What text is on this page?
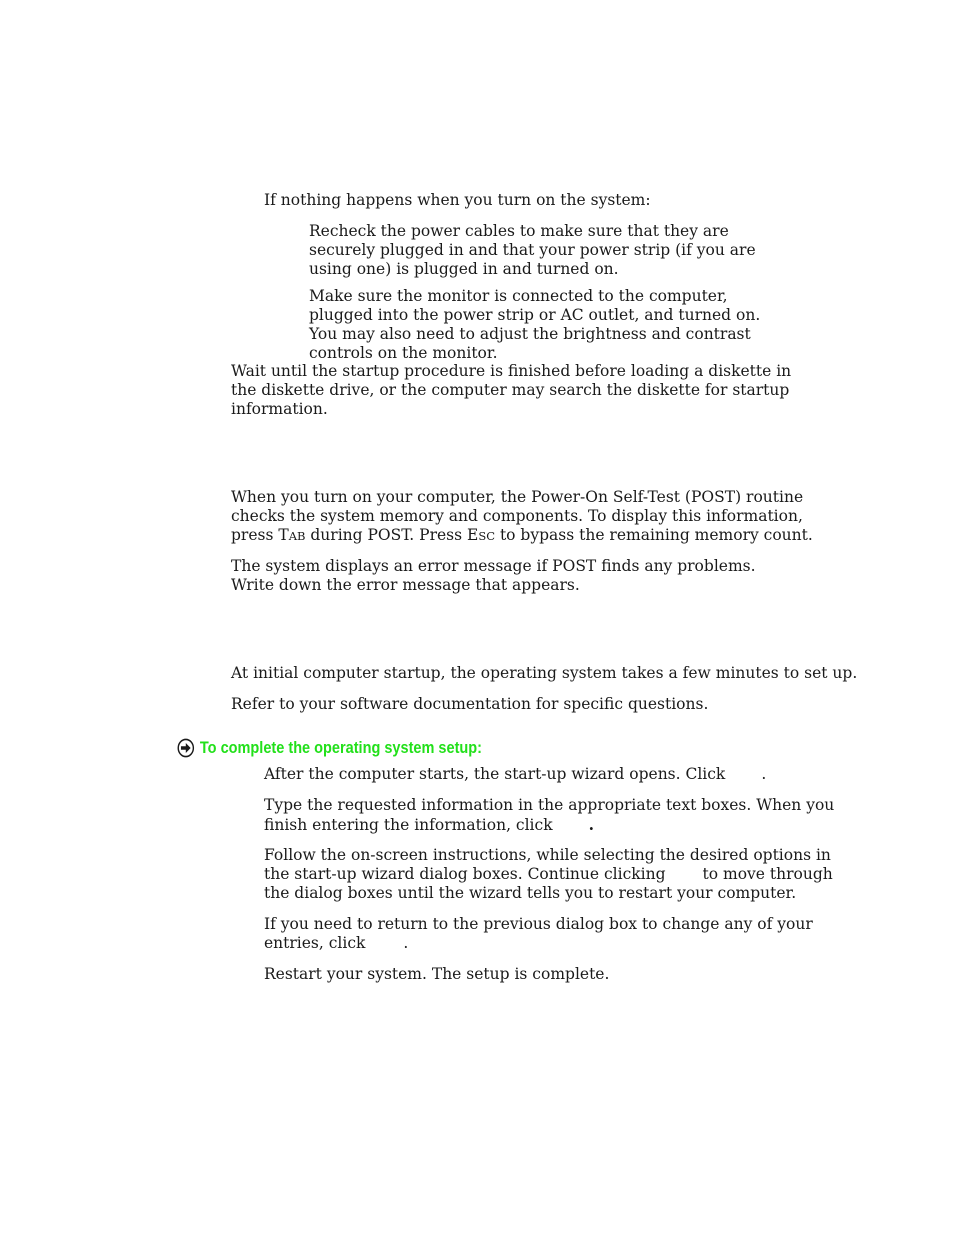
If nothing happens when you turn on the system:

Recheck the power cables to make sure that they are securely plugged in and that your power strip (if you are using one) is plugged in and turned on.

Make sure the monitor is connected to the computer, plugged into the power strip or AC outlet, and turned on. You may also need to adjust the brightness and contrast controls on the monitor.

Wait until the startup procedure is finished before loading a diskette in the diskette drive, or the computer may search the diskette for startup information.

When you turn on your computer, the Power-On Self-Test (POST) routine
checks the system memory and components. To display this information,
press TAB during POST. Press ESC to bypass the remaining memory count.

The system displays an error message if POST finds any problems. Write down the error message that appears.

At initial computer startup, the operating system takes a few minutes to set up.

Refer to your software documentation for specific questions.

To complete the operating system setup:
After the computer starts, the start-up wizard opens. Click .
Type the requested information in the appropriate text boxes. When you
finish entering the information, click .
Follow the on-screen instructions, while selecting the desired options in
the start-up wizard dialog boxes. Continue clicking to move through
the dialog boxes until the wizard tells you to restart your computer.
If you need to return to the previous dialog box to change any of your
entries, click .

Restart your system. The setup is complete.
